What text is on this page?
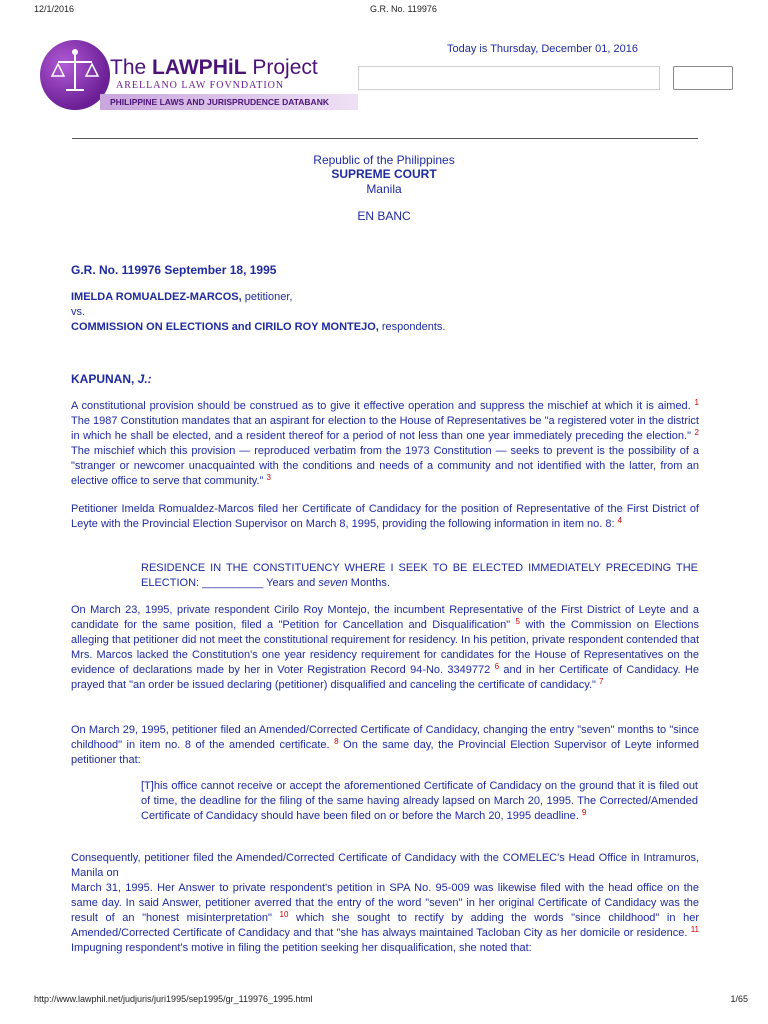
12/1/2016	G.R. No. 119976
The LAWPHiL Project
ARELLANO LAW FOVNDATION
PHILIPPINE LAWS AND JURISPRUDENCE DATABANK
Today is Thursday, December 01, 2016
Republic of the Philippines
SUPREME COURT
Manila
EN BANC
G.R. No. 119976 September 18, 1995
IMELDA ROMUALDEZ-MARCOS, petitioner,
vs.
COMMISSION ON ELECTIONS and CIRILO ROY MONTEJO, respondents.
KAPUNAN, J.:
A constitutional provision should be construed as to give it effective operation and suppress the mischief at which it is aimed. $^1$ The 1987 Constitution mandates that an aspirant for election to the House of Representatives be "a registered voter in the district in which he shall be elected, and a resident thereof for a period of not less than one year immediately preceding the election." $^2$ The mischief which this provision — reproduced verbatim from the 1973 Constitution — seeks to prevent is the possibility of a "stranger or newcomer unacquainted with the conditions and needs of a community and not identified with the latter, from an elective office to serve that community." $^3$
Petitioner Imelda Romualdez-Marcos filed her Certificate of Candidacy for the position of Representative of the First District of Leyte with the Provincial Election Supervisor on March 8, 1995, providing the following information in item no. 8: $^4$
RESIDENCE IN THE CONSTITUENCY WHERE I SEEK TO BE ELECTED IMMEDIATELY PRECEDING THE ELECTION: __________ Years and seven Months.
On March 23, 1995, private respondent Cirilo Roy Montejo, the incumbent Representative of the First District of Leyte and a candidate for the same position, filed a "Petition for Cancellation and Disqualification" $^5$ with the Commission on Elections alleging that petitioner did not meet the constitutional requirement for residency. In his petition, private respondent contended that Mrs. Marcos lacked the Constitution's one year residency requirement for candidates for the House of Representatives on the evidence of declarations made by her in Voter Registration Record 94-No. 3349772 $^6$ and in her Certificate of Candidacy. He prayed that "an order be issued declaring (petitioner) disqualified and canceling the certificate of candidacy." $^7$
On March 29, 1995, petitioner filed an Amended/Corrected Certificate of Candidacy, changing the entry "seven" months to "since childhood" in item no. 8 of the amended certificate. $^8$ On the same day, the Provincial Election Supervisor of Leyte informed petitioner that:
[T]his office cannot receive or accept the aforementioned Certificate of Candidacy on the ground that it is filed out of time, the deadline for the filing of the same having already lapsed on March 20, 1995. The Corrected/Amended Certificate of Candidacy should have been filed on or before the March 20, 1995 deadline. $^9$
Consequently, petitioner filed the Amended/Corrected Certificate of Candidacy with the COMELEC's Head Office in Intramuros, Manila on
March 31, 1995. Her Answer to private respondent's petition in SPA No. 95-009 was likewise filed with the head office on the same day. In said Answer, petitioner averred that the entry of the word "seven" in her original Certificate of Candidacy was the result of an "honest misinterpretation" $^{10}$ which she sought to rectify by adding the words "since childhood" in her Amended/Corrected Certificate of Candidacy and that "she has always maintained Tacloban City as her domicile or residence. $^{11}$ Impugning respondent's motive in filing the petition seeking her disqualification, she noted that:
http://www.lawphil.net/judjuris/juri1995/sep1995/gr_119976_1995.html	1/65
